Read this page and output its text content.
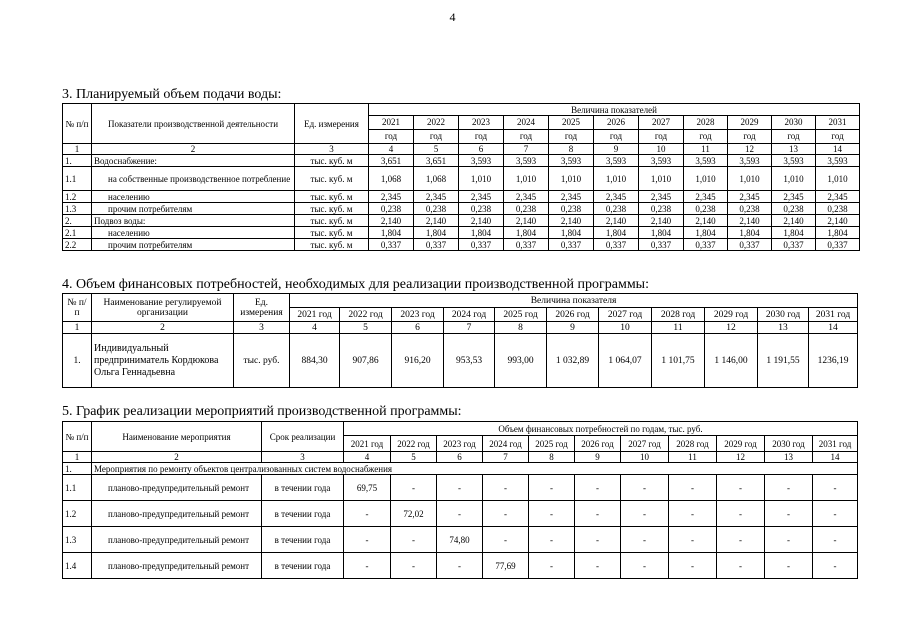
4
3. Планируемый объем подачи воды:
№ п/п	Показатели производственной деятельности	Ед. измерения	Величина показателей										
			2021	2022	2023	2024	2025	2026	2027	2028	2029	2030	2031
			год	год	год	год	год	год	год	год	год	год	год
1	2	3	4	5	6	7	8	9	10	11	12	13	14
1.	Водоснабжение:	тыс. куб. м	3,651	3,651	3,593	3,593	3,593	3,593	3,593	3,593	3,593	3,593	3,593
1.1	на собственные производственное потребление	тыс. куб. м	1,068	1,068	1,010	1,010	1,010	1,010	1,010	1,010	1,010	1,010	1,010
1.2	населению	тыс. куб. м	2,345	2,345	2,345	2,345	2,345	2,345	2,345	2,345	2,345	2,345	2,345
1.3	прочим потребителям	тыс. куб. м	0,238	0,238	0,238	0,238	0,238	0,238	0,238	0,238	0,238	0,238	0,238
2.	Подвоз воды:	тыс. куб. м	2,140	2,140	2,140	2,140	2,140	2,140	2,140	2,140	2,140	2,140	2,140
2.1	населению	тыс. куб. м	1,804	1,804	1,804	1,804	1,804	1,804	1,804	1,804	1,804	1,804	1,804
2.2	прочим потребителям	тыс. куб. м	0,337	0,337	0,337	0,337	0,337	0,337	0,337	0,337	0,337	0,337	0,337
4. Объем финансовых потребностей, необходимых для реализации производственной программы:
№ п/п	Наименование регулируемой организации	Ед. измерения	Величина показателя										
			2021 год	2022 год	2023 год	2024 год	2025 год	2026 год	2027 год	2028 год	2029 год	2030 год	2031 год
1	2	3	4	5	6	7	8	9	10	11	12	13	14
1.	Индивидуальный предприниматель Кордюкова Ольга Геннадьевна	тыс. руб.	884,30	907,86	916,20	953,53	993,00	1 032,89	1 064,07	1 101,75	1 146,00	1 191,55	1236,19
5. График реализации мероприятий производственной программы:
№ п/п	Наименование мероприятия	Срок реализации	Объем финансовых потребностей по годам, тыс. руб.										
			2021 год	2022 год	2023 год	2024 год	2025 год	2026 год	2027 год	2028 год	2029 год	2030 год	2031 год
1	2	3	4	5	6	7	8	9	10	11	12	13	14
1.	Мероприятия по ремонту объектов централизованных систем водоснабжения												
1.1	планово-предупредительный ремонт	в течении года	69,75	-	-	-	-	-	-	-	-	-	-
1.2	планово-предупредительный ремонт	в течении года	-	72,02	-	-	-	-	-	-	-	-	-
1.3	планово-предупредительный ремонт	в течении года	-	-	74,80	-	-	-	-	-	-	-	-
1.4	планово-предупредительный ремонт	в течении года	-	-	-	77,69	-	-	-	-	-	-	-
